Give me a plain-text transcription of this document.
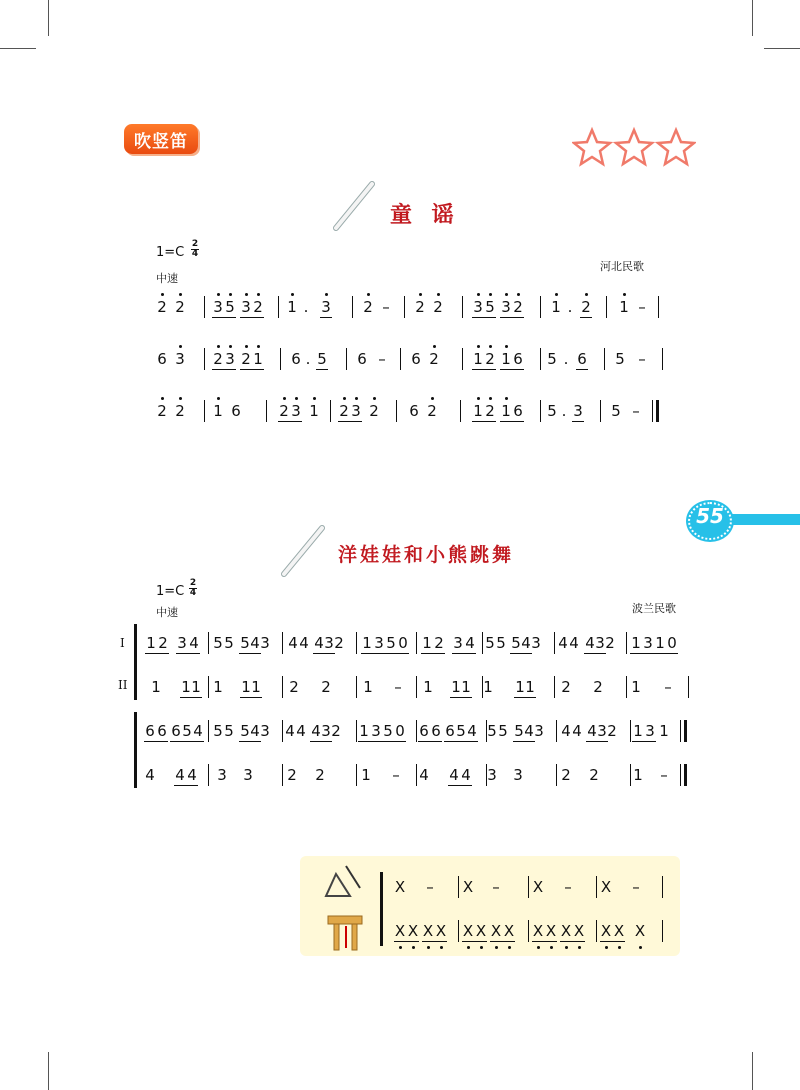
吹竖笛
童 谣
1=C
2
4
中速
河北民歌
2 2 3 5 3 2 1 . 3 2 – 2 2 3 5 3 2 1 . 2 1 –
6 3 2 3 2 1 6 . 5 6 – 6 2 1 2 1 6 5 . 6 5 –
2 2 1 6	2 3 1 2 3 2 6 2 1 2 1 6 5 . 3 5 –
55
洋娃娃和小熊跳舞
1=C
2
4
中速	波兰民歌
I
II
1 2 3 4 5 5 5 4 3 4 4 4 3 2 1 3 5 0 1 2 3 4 5 5 5 4 3 4 4 4 3 2 1 3 1 0
1 1 1 1 1 1 2 2 1 – 1 1 1 1 1 1 2 2 1 –
6 6 6 5 4 5 5 5 4 3 4 4 4 3 2 1 3 5 0 6 6 6 5 4 5 5 5 4 3 4 4 4 3 2 1 3 1
4 4 4 3 3 2 2 1 – 4 4 4 3 3	2 2 1 –
X – X – X – X –
X X X X X X X X X X X X X X X
